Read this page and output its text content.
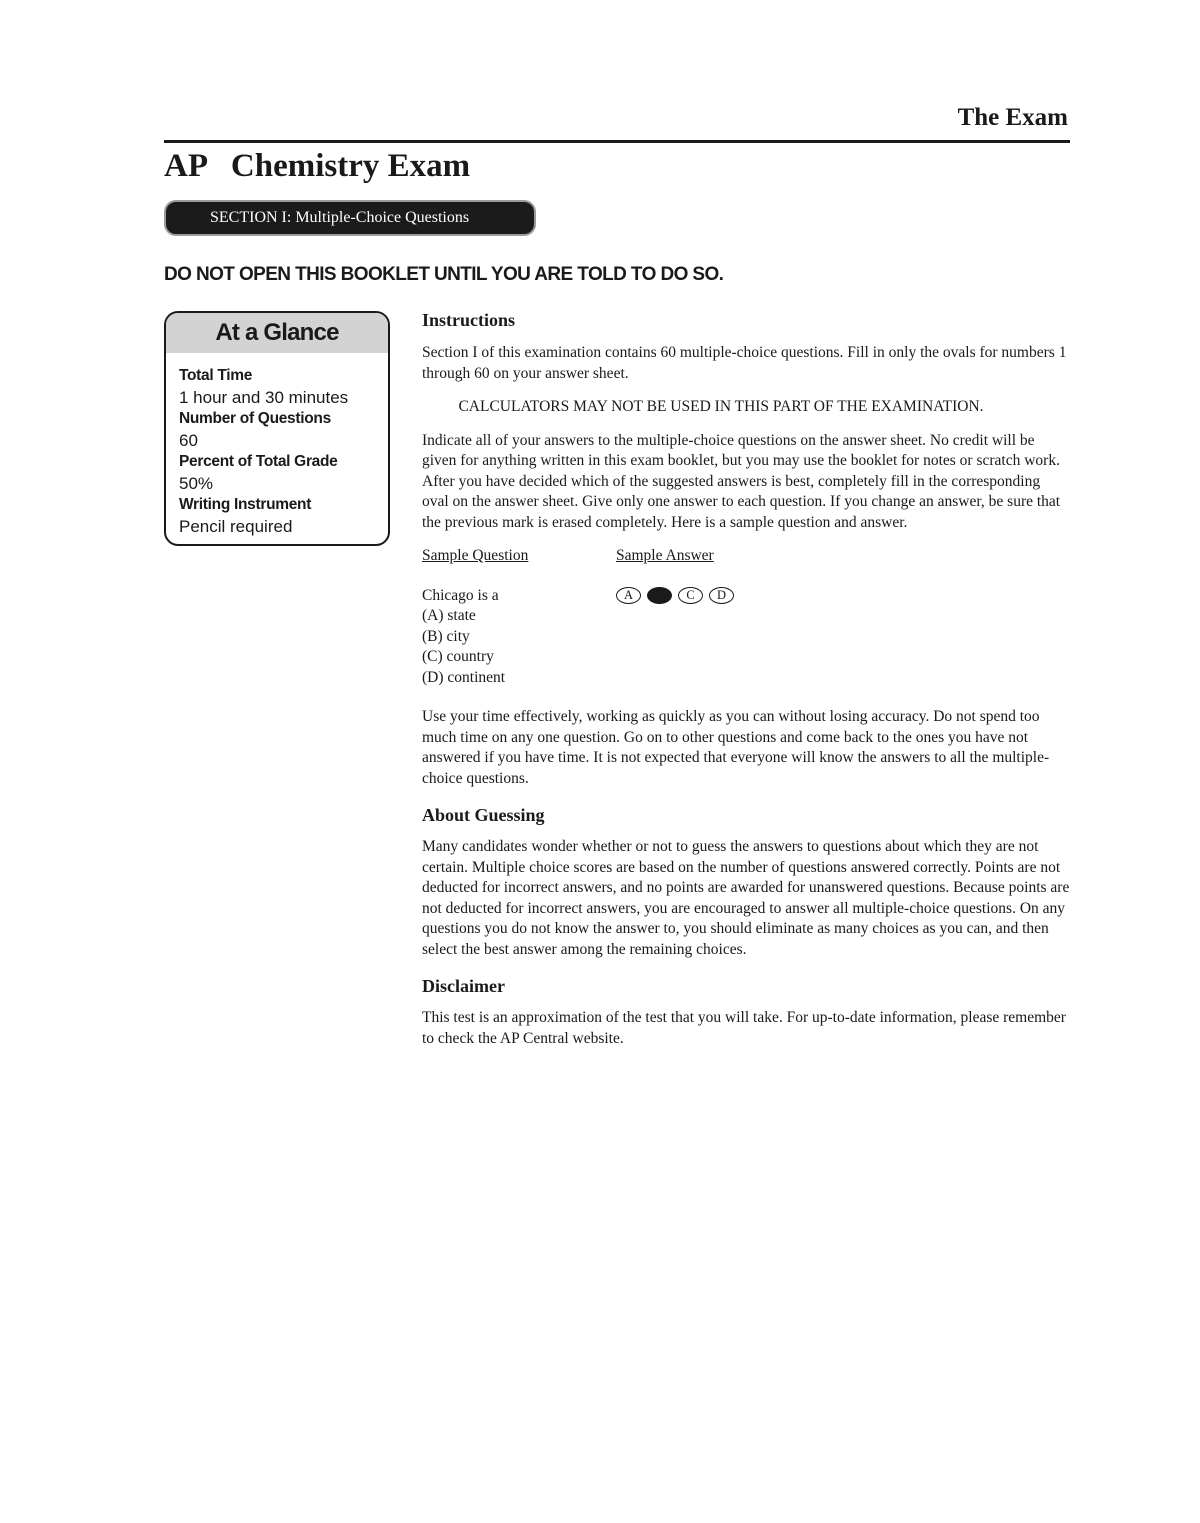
The Exam
AP   Chemistry Exam
SECTION I: Multiple-Choice Questions
DO NOT OPEN THIS BOOKLET UNTIL YOU ARE TOLD TO DO SO.
At a Glance
Total Time
1 hour and 30 minutes
Number of Questions
60
Percent of Total Grade
50%
Writing Instrument
Pencil required
Instructions

Section I of this examination contains 60 multiple-choice questions. Fill in only the ovals for numbers 1 through 60 on your answer sheet.

CALCULATORS MAY NOT BE USED IN THIS PART OF THE EXAMINATION.

Indicate all of your answers to the multiple-choice questions on the answer sheet. No credit will be given for anything written in this exam booklet, but you may use the booklet for notes or scratch work. After you have decided which of the suggested answers is best, completely fill in the corresponding oval on the answer sheet. Give only one answer to each question. If you change an answer, be sure that the previous mark is erased completely. Here is a sample question and answer.

Sample Question	Sample Answer
Chicago is a
(A) state
(B) city
(C) country
(D) continent
A	C	D

Use your time effectively, working as quickly as you can without losing accuracy. Do not spend too much time on any one question. Go on to other questions and come back to the ones you have not answered if you have time. It is not expected that everyone will know the answers to all the multiple-choice questions.

About Guessing

Many candidates wonder whether or not to guess the answers to questions about which they are not certain. Multiple choice scores are based on the number of questions answered correctly. Points are not deducted for incorrect answers, and no points are awarded for unanswered questions. Because points are not deducted for incorrect answers, you are encouraged to answer all multiple-choice questions. On any questions you do not know the answer to, you should eliminate as many choices as you can, and then select the best answer among the remaining choices.

Disclaimer

This test is an approximation of the test that you will take. For up-to-date information, please remember to check the AP Central website.
